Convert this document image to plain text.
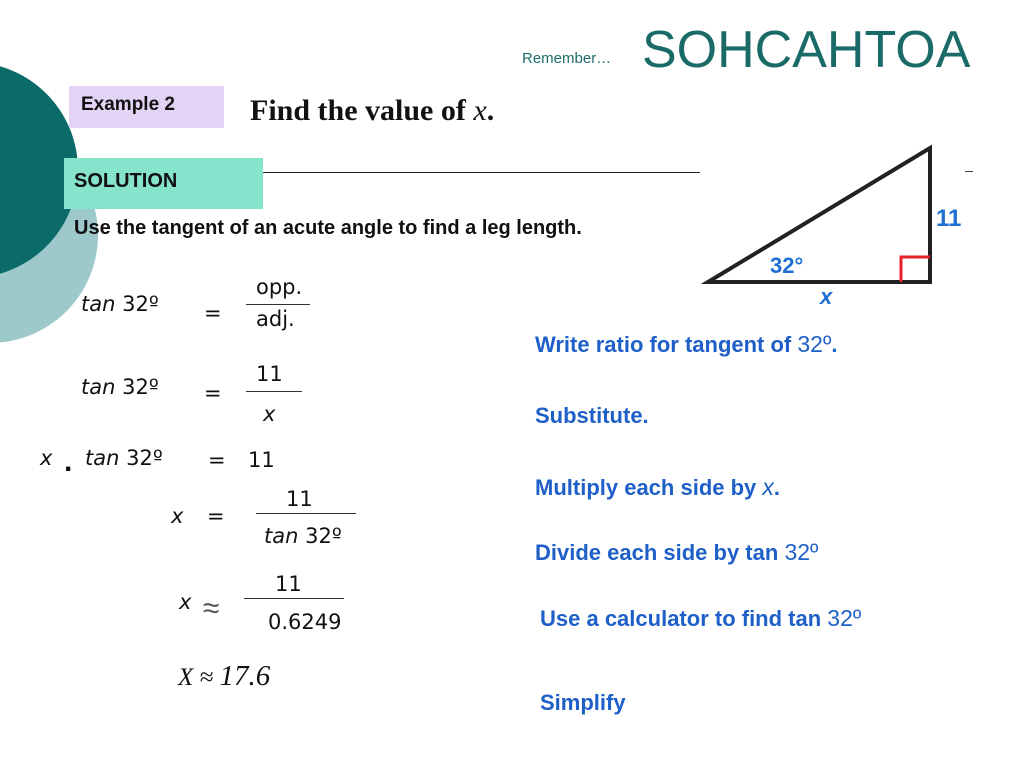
Remember… SOHCAHTOA
Example 2	Find the value of x.
SOLUTION
Use the tangent of an acute angle to find a leg length.
32°
11
x
tan 32º =
opp.
adj.
tan 32º =
11
x
x . tan 32º = 11
x =
11
tan 32º
x ≈
11
0.6249
X ≈ 17.6
Write ratio for tangent of 32º.
Substitute.
Multiply each side by x.
Divide each side by tan 32º
Use a calculator to find tan 32º
Simplify
